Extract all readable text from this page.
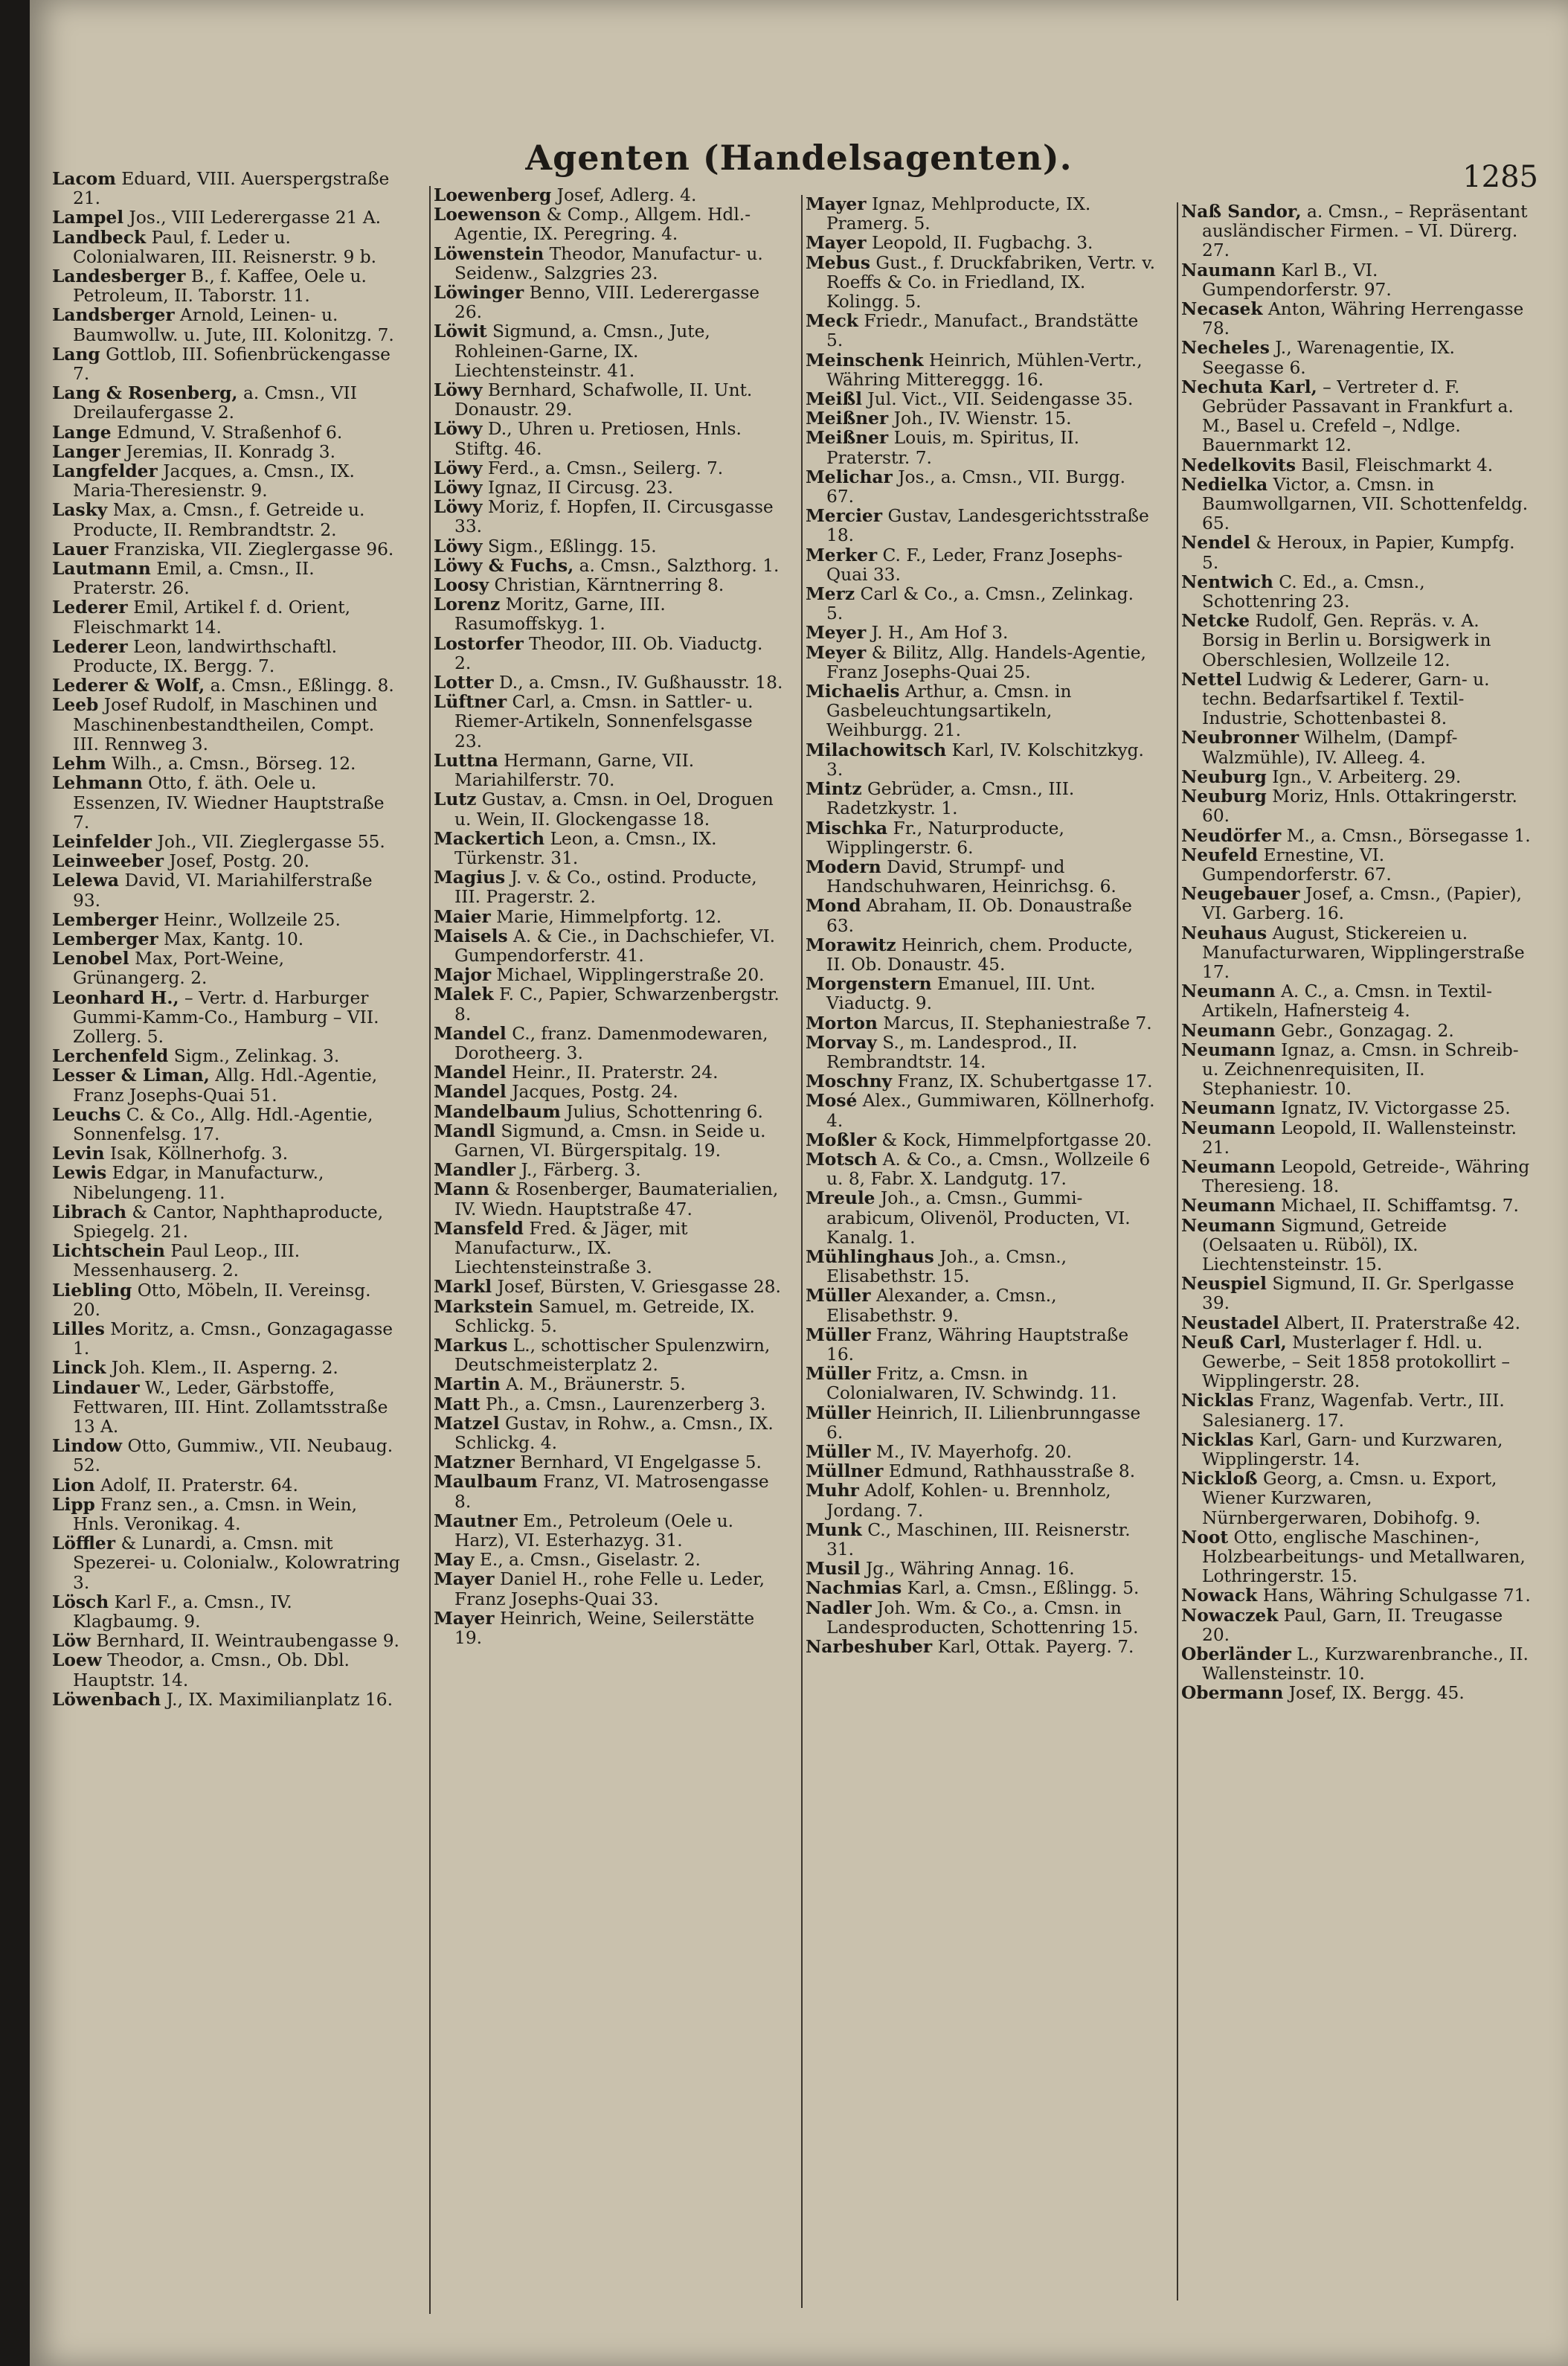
Agenten (Handelsagenten).	1285

Lacom Eduard, VIII. Auerspergstraße 21.

Lampel Jos., VIII Lederergasse 21 A.

Landbeck Paul, f. Leder u. Colonialwaren, III. Reisnerstr. 9 b.

Landesberger B., f. Kaffee, Oele u. Petroleum, II. Taborstr. 11.

Landsberger Arnold, Leinen- u. Baumwollw. u. Jute, III. Kolonitzg. 7.

Lang Gottlob, III. Sofienbrückengasse 7.

Lang & Rosenberg, a. Cmsn., VII Dreilaufergasse 2.

Lange Edmund, V. Straßenhof 6.

Langer Jeremias, II. Konradg 3.

Langfelder Jacques, a. Cmsn., IX. Maria-Theresienstr. 9.

Lasky Max, a. Cmsn., f. Getreide u. Producte, II. Rembrandtstr. 2.

Lauer Franziska, VII. Zieglergasse 96.

Lautmann Emil, a. Cmsn., II. Praterstr. 26.

Lederer Emil, Artikel f. d. Orient, Fleischmarkt 14.

Lederer Leon, landwirthschaftl. Producte, IX. Bergg. 7.

Lederer & Wolf, a. Cmsn., Eßlingg. 8.

Leeb Josef Rudolf, in Maschinen und Maschinenbestandtheilen, Compt. III. Rennweg 3.

Lehm Wilh., a. Cmsn., Börseg. 12.

Lehmann Otto, f. äth. Oele u. Essenzen, IV. Wiedner Hauptstraße 7.

Leinfelder Joh., VII. Zieglergasse 55.

Leinweeber Josef, Postg. 20.

Lelewa David, VI. Mariahilferstraße 93.

Lemberger Heinr., Wollzeile 25.

Lemberger Max, Kantg. 10.

Lenobel Max, Port-Weine, Grünangerg. 2.

Leonhard H., – Vertr. d. Harburger Gummi-Kamm-Co., Hamburg – VII. Zollerg. 5.

Lerchenfeld Sigm., Zelinkag. 3.

Lesser & Liman, Allg. Hdl.-Agentie, Franz Josephs-Quai 51.

Leuchs C. & Co., Allg. Hdl.-Agentie, Sonnenfelsg. 17.

Levin Isak, Köllnerhofg. 3.

Lewis Edgar, in Manufacturw., Nibelungeng. 11.

Librach & Cantor, Naphthaproducte, Spiegelg. 21.

Lichtschein Paul Leop., III. Messenhauserg. 2.

Liebling Otto, Möbeln, II. Vereinsg. 20.

Lilles Moritz, a. Cmsn., Gonzagagasse 1.

Linck Joh. Klem., II. Asperng. 2.

Lindauer W., Leder, Gärbstoffe, Fettwaren, III. Hint. Zollamtsstraße 13 A.

Lindow Otto, Gummiw., VII. Neubaug. 52.

Lion Adolf, II. Praterstr. 64.

Lipp Franz sen., a. Cmsn. in Wein, Hnls. Veronikag. 4.

Löffler & Lunardi, a. Cmsn. mit Spezerei- u. Colonialw., Kolowratring 3.

Lösch Karl F., a. Cmsn., IV. Klagbaumg. 9.

Löw Bernhard, II. Weintraubengasse 9.

Loew Theodor, a. Cmsn., Ob. Dbl. Hauptstr. 14.

Löwenbach J., IX. Maximilianplatz 16.

Loewenberg Josef, Adlerg. 4.

Loewenson & Comp., Allgem. Hdl.-Agentie, IX. Peregring. 4.

Löwenstein Theodor, Manufactur- u. Seidenw., Salzgries 23.

Löwinger Benno, VIII. Lederergasse 26.

Löwit Sigmund, a. Cmsn., Jute, Rohleinen-Garne, IX. Liechtensteinstr. 41.

Löwy Bernhard, Schafwolle, II. Unt. Donaustr. 29.

Löwy D., Uhren u. Pretiosen, Hnls. Stiftg. 46.

Löwy Ferd., a. Cmsn., Seilerg. 7.

Löwy Ignaz, II Circusg. 23.

Löwy Moriz, f. Hopfen, II. Circusgasse 33.

Löwy Sigm., Eßlingg. 15.

Löwy & Fuchs, a. Cmsn., Salzthorg. 1.

Loosy Christian, Kärntnerring 8.

Lorenz Moritz, Garne, III. Rasumoffskyg. 1.

Lostorfer Theodor, III. Ob. Viaductg. 2.

Lotter D., a. Cmsn., IV. Gußhausstr. 18.

Lüftner Carl, a. Cmsn. in Sattler- u. Riemer-Artikeln, Sonnenfelsgasse 23.

Luttna Hermann, Garne, VII. Mariahilferstr. 70.

Lutz Gustav, a. Cmsn. in Oel, Droguen u. Wein, II. Glockengasse 18.

Mackertich Leon, a. Cmsn., IX. Türkenstr. 31.

Magius J. v. & Co., ostind. Producte, III. Pragerstr. 2.

Maier Marie, Himmelpfortg. 12.

Maisels A. & Cie., in Dachschiefer, VI. Gumpendorferstr. 41.

Major Michael, Wipplingerstraße 20.

Malek F. C., Papier, Schwarzenbergstr. 8.

Mandel C., franz. Damenmodewaren, Dorotheerg. 3.

Mandel Heinr., II. Praterstr. 24.

Mandel Jacques, Postg. 24.

Mandelbaum Julius, Schottenring 6.

Mandl Sigmund, a. Cmsn. in Seide u. Garnen, VI. Bürgerspitalg. 19.

Mandler J., Färberg. 3.

Mann & Rosenberger, Baumaterialien, IV. Wiedn. Hauptstraße 47.

Mansfeld Fred. & Jäger, mit Manufacturw., IX. Liechtensteinstraße 3.

Markl Josef, Bürsten, V. Griesgasse 28.

Markstein Samuel, m. Getreide, IX. Schlickg. 5.

Markus L., schottischer Spulenzwirn, Deutschmeisterplatz 2.

Martin A. M., Bräunerstr. 5.

Matt Ph., a. Cmsn., Laurenzerberg 3.

Matzel Gustav, in Rohw., a. Cmsn., IX. Schlickg. 4.

Matzner Bernhard, VI Engelgasse 5.

Maulbaum Franz, VI. Matrosengasse 8.

Mautner Em., Petroleum (Oele u. Harz), VI. Esterhazyg. 31.

May E., a. Cmsn., Giselastr. 2.

Mayer Daniel H., rohe Felle u. Leder, Franz Josephs-Quai 33.

Mayer Heinrich, Weine, Seilerstätte 19.

Mayer Ignaz, Mehlproducte, IX. Pramerg. 5.

Mayer Leopold, II. Fugbachg. 3.

Mebus Gust., f. Druckfabriken, Vertr. v. Roeffs & Co. in Friedland, IX. Kolingg. 5.

Meck Friedr., Manufact., Brandstätte 5.

Meinschenk Heinrich, Mühlen-Vertr., Währing Mittereggg. 16.

Meißl Jul. Vict., VII. Seidengasse 35.

Meißner Joh., IV. Wienstr. 15.

Meißner Louis, m. Spiritus, II. Praterstr. 7.

Melichar Jos., a. Cmsn., VII. Burgg. 67.

Mercier Gustav, Landesgerichtsstraße 18.

Merker C. F., Leder, Franz Josephs-Quai 33.

Merz Carl & Co., a. Cmsn., Zelinkag. 5.

Meyer J. H., Am Hof 3.

Meyer & Bilitz, Allg. Handels-Agentie, Franz Josephs-Quai 25.

Michaelis Arthur, a. Cmsn. in Gasbeleuchtungsartikeln, Weihburgg. 21.

Milachowitsch Karl, IV. Kolschitzkyg. 3.

Mintz Gebrüder, a. Cmsn., III. Radetzkystr. 1.

Mischka Fr., Naturproducte, Wipplingerstr. 6.

Modern David, Strumpf- und Handschuhwaren, Heinrichsg. 6.

Mond Abraham, II. Ob. Donaustraße 63.

Morawitz Heinrich, chem. Producte, II. Ob. Donaustr. 45.

Morgenstern Emanuel, III. Unt. Viaductg. 9.

Morton Marcus, II. Stephaniestraße 7.

Morvay S., m. Landesprod., II. Rembrandtstr. 14.

Moschny Franz, IX. Schubertgasse 17.

Mosé Alex., Gummiwaren, Köllnerhofg. 4.

Moßler & Kock, Himmelpfortgasse 20.

Motsch A. & Co., a. Cmsn., Wollzeile 6 u. 8, Fabr. X. Landgutg. 17.

Mreule Joh., a. Cmsn., Gummi-arabicum, Olivenöl, Producten, VI. Kanalg. 1.

Mühlinghaus Joh., a. Cmsn., Elisabethstr. 15.

Müller Alexander, a. Cmsn., Elisabethstr. 9.

Müller Franz, Währing Hauptstraße 16.

Müller Fritz, a. Cmsn. in Colonialwaren, IV. Schwindg. 11.

Müller Heinrich, II. Lilienbrunngasse 6.

Müller M., IV. Mayerhofg. 20.

Müllner Edmund, Rathhausstraße 8.

Muhr Adolf, Kohlen- u. Brennholz, Jordang. 7.

Munk C., Maschinen, III. Reisnerstr. 31.

Musil Jg., Währing Annag. 16.

Nachmias Karl, a. Cmsn., Eßlingg. 5.

Nadler Joh. Wm. & Co., a. Cmsn. in Landesproducten, Schottenring 15.

Narbeshuber Karl, Ottak. Payerg. 7.

Naß Sandor, a. Cmsn., – Repräsentant ausländischer Firmen. – VI. Dürerg. 27.

Naumann Karl B., VI. Gumpendorferstr. 97.

Necasek Anton, Währing Herrengasse 78.

Necheles J., Warenagentie, IX. Seegasse 6.

Nechuta Karl, – Vertreter d. F. Gebrüder Passavant in Frankfurt a. M., Basel u. Crefeld –, Ndlge. Bauernmarkt 12.

Nedelkovits Basil, Fleischmarkt 4.

Nedielka Victor, a. Cmsn. in Baumwollgarnen, VII. Schottenfeldg. 65.

Nendel & Heroux, in Papier, Kumpfg. 5.

Nentwich C. Ed., a. Cmsn., Schottenring 23.

Netcke Rudolf, Gen. Repräs. v. A. Borsig in Berlin u. Borsigwerk in Oberschlesien, Wollzeile 12.

Nettel Ludwig & Lederer, Garn- u. techn. Bedarfsartikel f. Textil-Industrie, Schottenbastei 8.

Neubronner Wilhelm, (Dampf-Walzmühle), IV. Alleeg. 4.

Neuburg Ign., V. Arbeiterg. 29.

Neuburg Moriz, Hnls. Ottakringerstr. 60.

Neudörfer M., a. Cmsn., Börsegasse 1.

Neufeld Ernestine, VI. Gumpendorferstr. 67.

Neugebauer Josef, a. Cmsn., (Papier), VI. Garberg. 16.

Neuhaus August, Stickereien u. Manufacturwaren, Wipplingerstraße 17.

Neumann A. C., a. Cmsn. in Textil-Artikeln, Hafnersteig 4.

Neumann Gebr., Gonzagag. 2.

Neumann Ignaz, a. Cmsn. in Schreib- u. Zeichnenrequisiten, II. Stephaniestr. 10.

Neumann Ignatz, IV. Victorgasse 25.

Neumann Leopold, II. Wallensteinstr. 21.

Neumann Leopold, Getreide-, Währing Theresieng. 18.

Neumann Michael, II. Schiffamtsg. 7.

Neumann Sigmund, Getreide (Oelsaaten u. Rüböl), IX. Liechtensteinstr. 15.

Neuspiel Sigmund, II. Gr. Sperlgasse 39.

Neustadel Albert, II. Praterstraße 42.

Neuß Carl, Musterlager f. Hdl. u. Gewerbe, – Seit 1858 protokollirt – Wipplingerstr. 28.

Nicklas Franz, Wagenfab. Vertr., III. Salesianerg. 17.

Nicklas Karl, Garn- und Kurzwaren, Wipplingerstr. 14.

Nickloß Georg, a. Cmsn. u. Export, Wiener Kurzwaren, Nürnbergerwaren, Dobihofg. 9.

Noot Otto, englische Maschinen-, Holzbearbeitungs- und Metallwaren, Lothringerstr. 15.

Nowack Hans, Währing Schulgasse 71.

Nowaczek Paul, Garn, II. Treugasse 20.

Oberländer L., Kurzwarenbranche., II. Wallensteinstr. 10.

Obermann Josef, IX. Bergg. 45.
